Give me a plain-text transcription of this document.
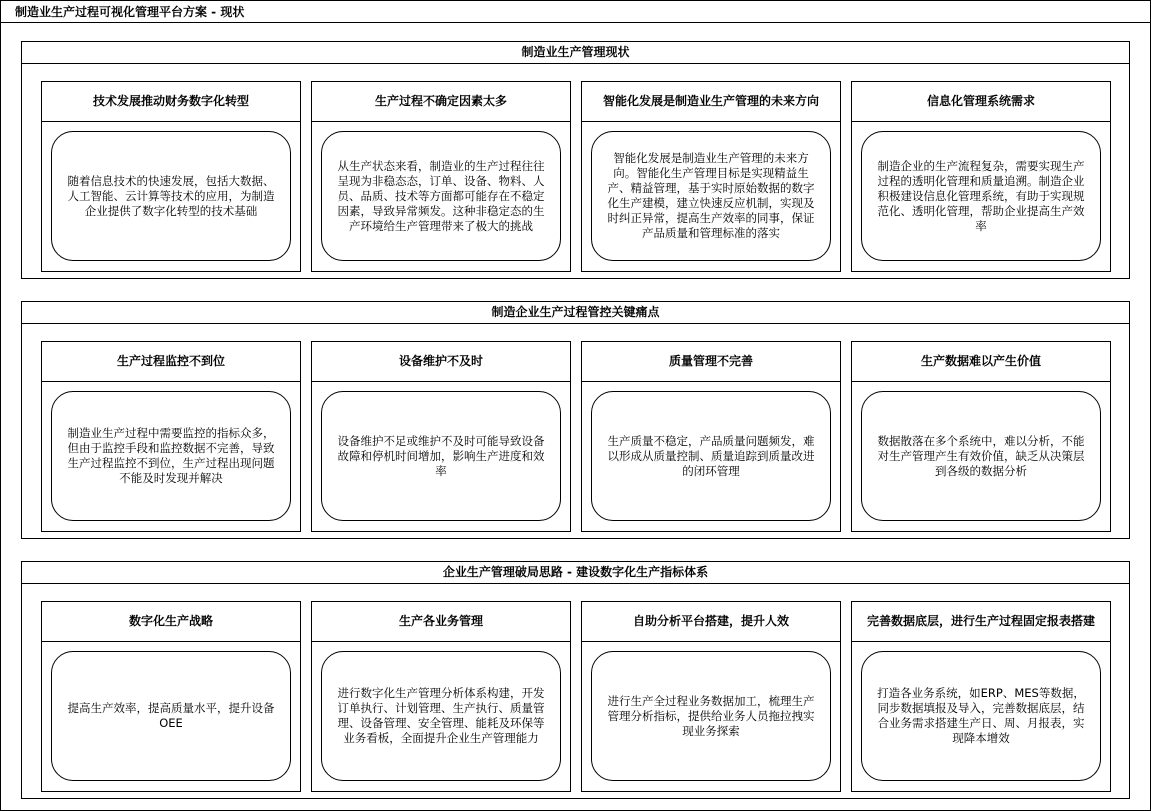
制造业生产过程可视化管理平台方案 - 现状
制造业生产管理现状
技术发展推动财务数字化转型
随着信息技术的快速发展，包括大数据、人工智能、云计算等技术的应用，为制造企业提供了数字化转型的技术基础
生产过程不确定因素太多
从生产状态来看，制造业的生产过程往往呈现为非稳态态，订单、设备、物料、人员、品质、技术等方面都可能存在不稳定因素，导致异常频发。这种非稳定态的生产环境给生产管理带来了极大的挑战
智能化发展是制造业生产管理的未来方向
智能化发展是制造业生产管理的未来方向。智能化生产管理目标是实现精益生产、精益管理，基于实时原始数据的数字化生产建模，建立快速反应机制，实现及时纠正异常，提高生产效率的同事，保证产品质量和管理标准的落实
信息化管理系统需求
制造企业的生产流程复杂，需要实现生产过程的透明化管理和质量追溯。制造企业积极建设信息化管理系统，有助于实现规范化、透明化管理，帮助企业提高生产效率
制造企业生产过程管控关键痛点
生产过程监控不到位
制造业生产过程中需要监控的指标众多，但由于监控手段和监控数据不完善，导致生产过程监控不到位，生产过程出现问题不能及时发现并解决
设备维护不及时
设备维护不足或维护不及时可能导致设备故障和停机时间增加，影响生产进度和效率
质量管理不完善
生产质量不稳定，产品质量问题频发，难以形成从质量控制、质量追踪到质量改进的闭环管理
生产数据难以产生价值
数据散落在多个系统中，难以分析，不能对生产管理产生有效价值，缺乏从决策层到各级的数据分析
企业生产管理破局思路 - 建设数字化生产指标体系
数字化生产战略
提高生产效率，提高质量水平，提升设备OEE
生产各业务管理
进行数字化生产管理分析体系构建，开发订单执行、计划管理、生产执行、质量管理、设备管理、安全管理、能耗及环保等业务看板，全面提升企业生产管理能力
自助分析平台搭建，提升人效
进行生产全过程业务数据加工，梳理生产管理分析指标，提供给业务人员拖拉拽实现业务探索
完善数据底层，进行生产过程固定报表搭建
打造各业务系统，如ERP、MES等数据，同步数据填报及导入，完善数据底层，结合业务需求搭建生产日、周、月报表，实现降本增效
